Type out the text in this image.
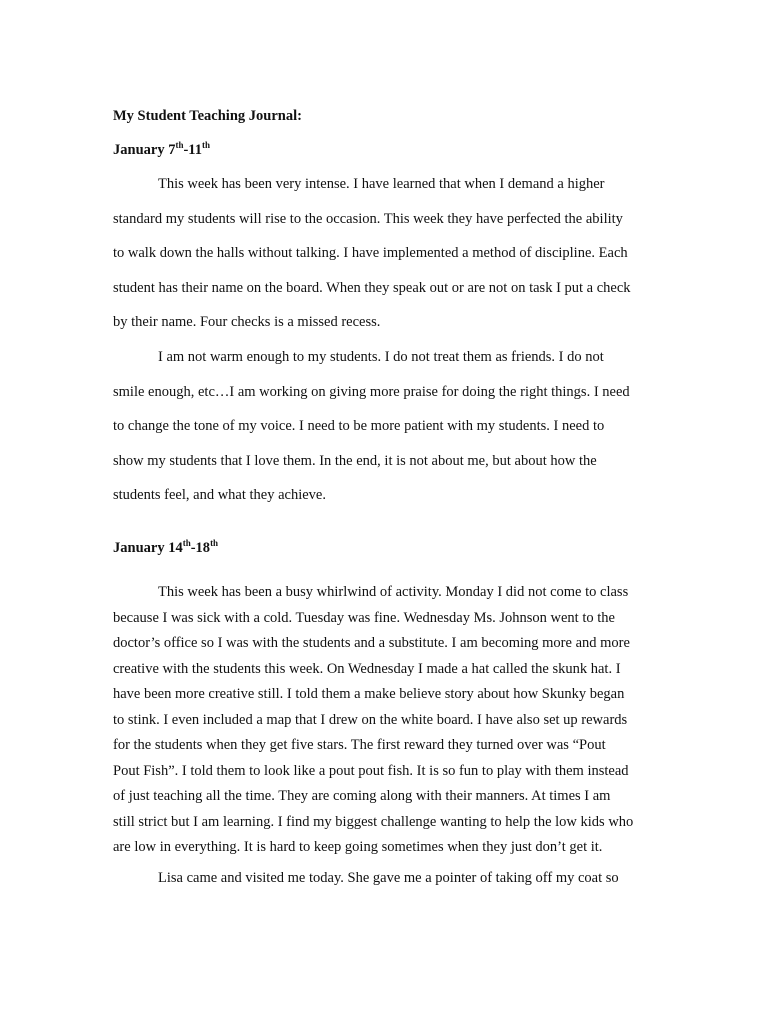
My Student Teaching Journal:

January 7th-11th

This week has been very intense. I have learned that when I demand a higher
standard my students will rise to the occasion. This week they have perfected the ability
to walk down the halls without talking. I have implemented a method of discipline. Each
student has their name on the board. When they speak out or are not on task I put a check
by their name. Four checks is a missed recess.
I am not warm enough to my students. I do not treat them as friends. I do not
smile enough, etc…I am working on giving more praise for doing the right things. I need
to change the tone of my voice. I need to be more patient with my students. I need to
show my students that I love them. In the end, it is not about me, but about how the
students feel, and what they achieve.

January 14th-18th

This week has been a busy whirlwind of activity. Monday I did not come to class
because I was sick with a cold. Tuesday was fine. Wednesday Ms. Johnson went to the
doctor’s office so I was with the students and a substitute. I am becoming more and more
creative with the students this week. On Wednesday I made a hat called the skunk hat. I
have been more creative still. I told them a make believe story about how Skunky began
to stink. I even included a map that I drew on the white board. I have also set up rewards
for the students when they get five stars. The first reward they turned over was “Pout
Pout Fish”. I told them to look like a pout pout fish. It is so fun to play with them instead
of just teaching all the time. They are coming along with their manners. At times I am
still strict but I am learning. I find my biggest challenge wanting to help the low kids who
are low in everything. It is hard to keep going sometimes when they just don’t get it.
Lisa came and visited me today. She gave me a pointer of taking off my coat so
